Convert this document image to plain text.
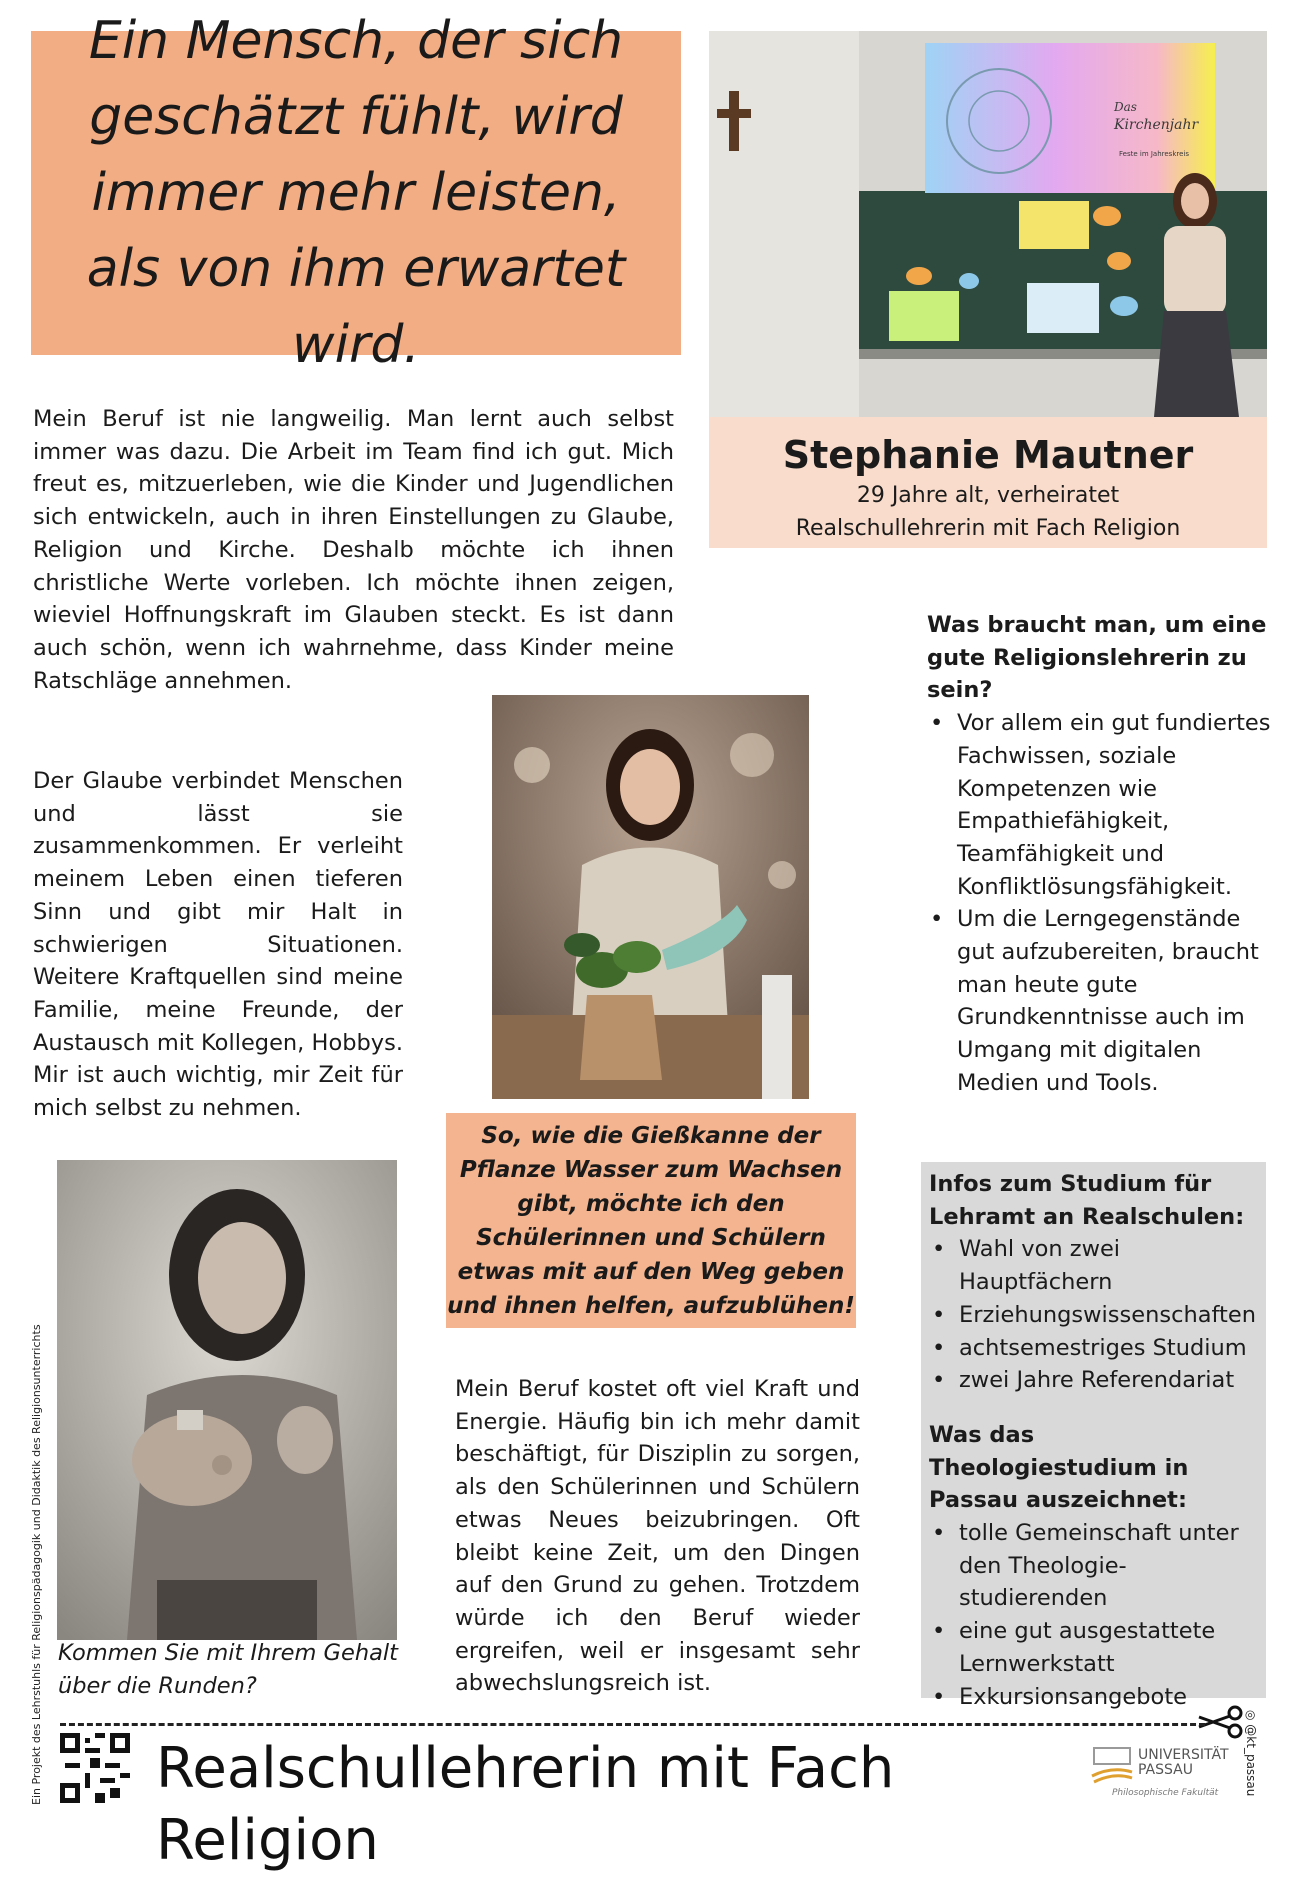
Ein Mensch, der sich geschätzt fühlt, wird immer mehr leisten, als von ihm erwartet wird.
Das
Kirchenjahr
Feste im Jahreskreis
Stephanie Mautner
29 Jahre alt, verheiratet
Realschullehrerin mit Fach Religion

Mein Beruf ist nie langweilig. Man lernt auch selbst immer was dazu. Die Arbeit im Team find ich gut. Mich freut es, mitzuerleben, wie die Kinder und Jugendlichen sich entwickeln, auch in ihren Einstellungen zu Glaube, Religion und Kirche. Deshalb möchte ich ihnen christliche Werte vorleben. Ich möchte ihnen zeigen, wieviel Hoffnungskraft im Glauben steckt. Es ist dann auch schön, wenn ich wahrnehme, dass Kinder meine Ratschläge annehmen.

Der Glaube verbindet Menschen und lässt sie zusammenkommen. Er verleiht meinem Leben einen tieferen Sinn und gibt mir Halt in schwierigen Situationen. Weitere Kraftquellen sind meine Familie, meine Freunde, der Austausch mit Kollegen, Hobbys. Mir ist auch wichtig, mir Zeit für mich selbst zu nehmen.

So, wie die Gießkanne der Pflanze Wasser zum Wachsen gibt, möchte ich den Schülerinnen und Schülern etwas mit auf den Weg geben und ihnen helfen, aufzublühen!
Kommen Sie mit Ihrem Gehalt über die Runden?

Mein Beruf kostet oft viel Kraft und Energie. Häufig bin ich mehr damit beschäftigt, für Disziplin zu sorgen, als den Schülerinnen und Schülern etwas Neues beizubringen. Oft bleibt keine Zeit, um den Dingen auf den Grund zu gehen. Trotzdem würde ich den Beruf wieder ergreifen, weil er insgesamt sehr abwechslungsreich ist.

Was braucht man, um eine gute Religionslehrerin zu sein?
• Vor allem ein gut fundiertes Fachwissen, soziale Kompetenzen wie Empathiefähigkeit, Teamfähigkeit und Konfliktlösungsfähigkeit.
• Um die Lerngegenstände gut aufzubereiten, braucht man heute gute Grundkenntnisse auch im Umgang mit digitalen Medien und Tools.
Infos zum Studium für Lehramt an Realschulen:
• Wahl von zwei Hauptfächern
• Erziehungswissenschaften
• achtsemestriges Studium
• zwei Jahre Referendariat
Was das Theologiestudium in Passau auszeichnet:
• tolle Gemeinschaft unter den Theologie-studierenden
• eine gut ausgestattete Lernwerkstatt
• Exkursionsangebote
Ein Projekt des Lehrstuhls für Religionspädagogik und Didaktik des Religionsunterrichts	◎ @kt_passau
Realschullehrerin mit Fach Religion
UNIVERSITÄT
PASSAU
Philosophische Fakultät
